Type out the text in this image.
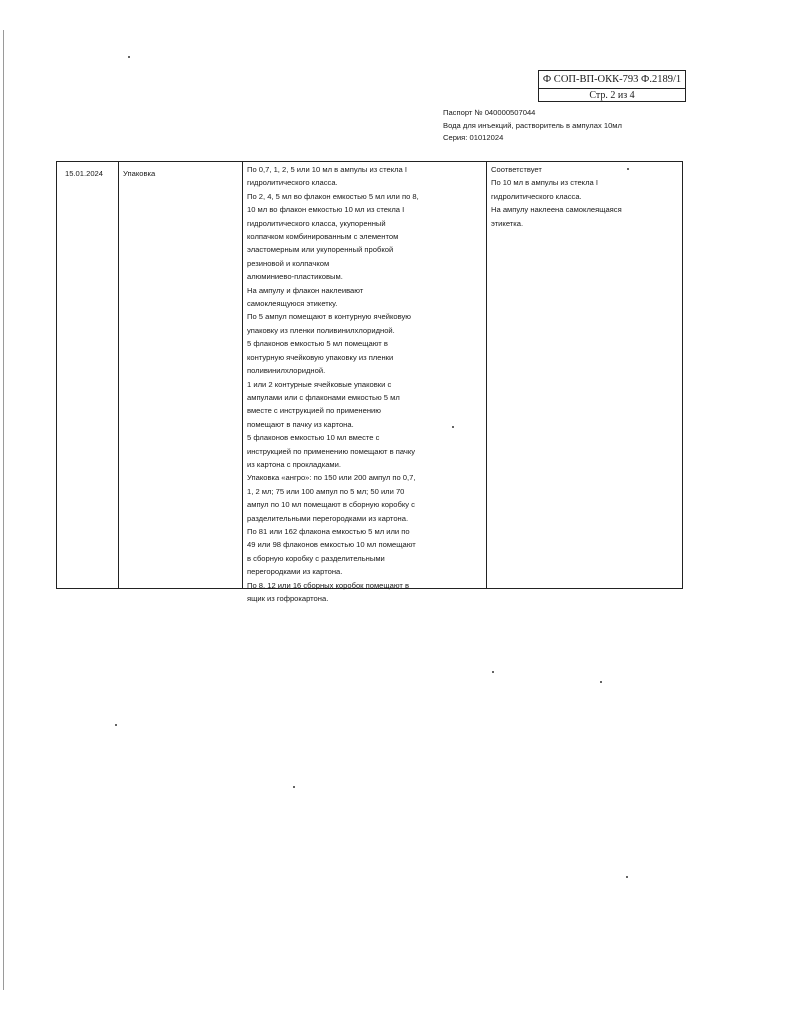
Ф СОП-ВП-ОКК-793 Ф.2189/1
Стр. 2 из 4
Паспорт № 040000507044
Вода для инъекций, растворитель в ампулах 10мл
Серия: 01012024
15.01.2024	Упаковка	По 0,7, 1, 2, 5 или 10 мл в ампулы из стекла I
гидролитического класса.
По 2, 4, 5 мл во флакон емкостью 5 мл или по 8,
10 мл во флакон емкостью 10 мл из стекла I
гидролитического класса, укупоренный
колпачком комбинированным с элементом
эластомерным или укупоренный пробкой
резиновой и колпачком
алюминиево-пластиковым.
На ампулу и флакон наклеивают
самоклеящуюся этикетку.
По 5 ампул помещают в контурную ячейковую
упаковку из пленки поливинилхлоридной.
5 флаконов емкостью 5 мл помещают в
контурную ячейковую упаковку из пленки
поливинилхлоридной.
1 или 2 контурные ячейковые упаковки с
ампулами или с флаконами емкостью 5 мл
вместе с инструкцией по применению
помещают в пачку из картона.
5 флаконов емкостью 10 мл вместе с
инструкцией по применению помещают в пачку
из картона с прокладками.
Упаковка «ангро»: по 150 или 200 ампул по 0,7,
1, 2 мл; 75 или 100 ампул по 5 мл; 50 или 70
ампул по 10 мл помещают в сборную коробку с
разделительными перегородками из картона.
По 81 или 162 флакона емкостью 5 мл или по
49 или 98 флаконов емкостью 10 мл помещают
в сборную коробку с разделительными
перегородками из картона.
По 8, 12 или 16 сборных коробок помещают в
ящик из гофрокартона.
Соответствует
По 10 мл в ампулы из стекла I
гидролитического класса.
На ампулу наклеена самоклеящаяся
этикетка.
